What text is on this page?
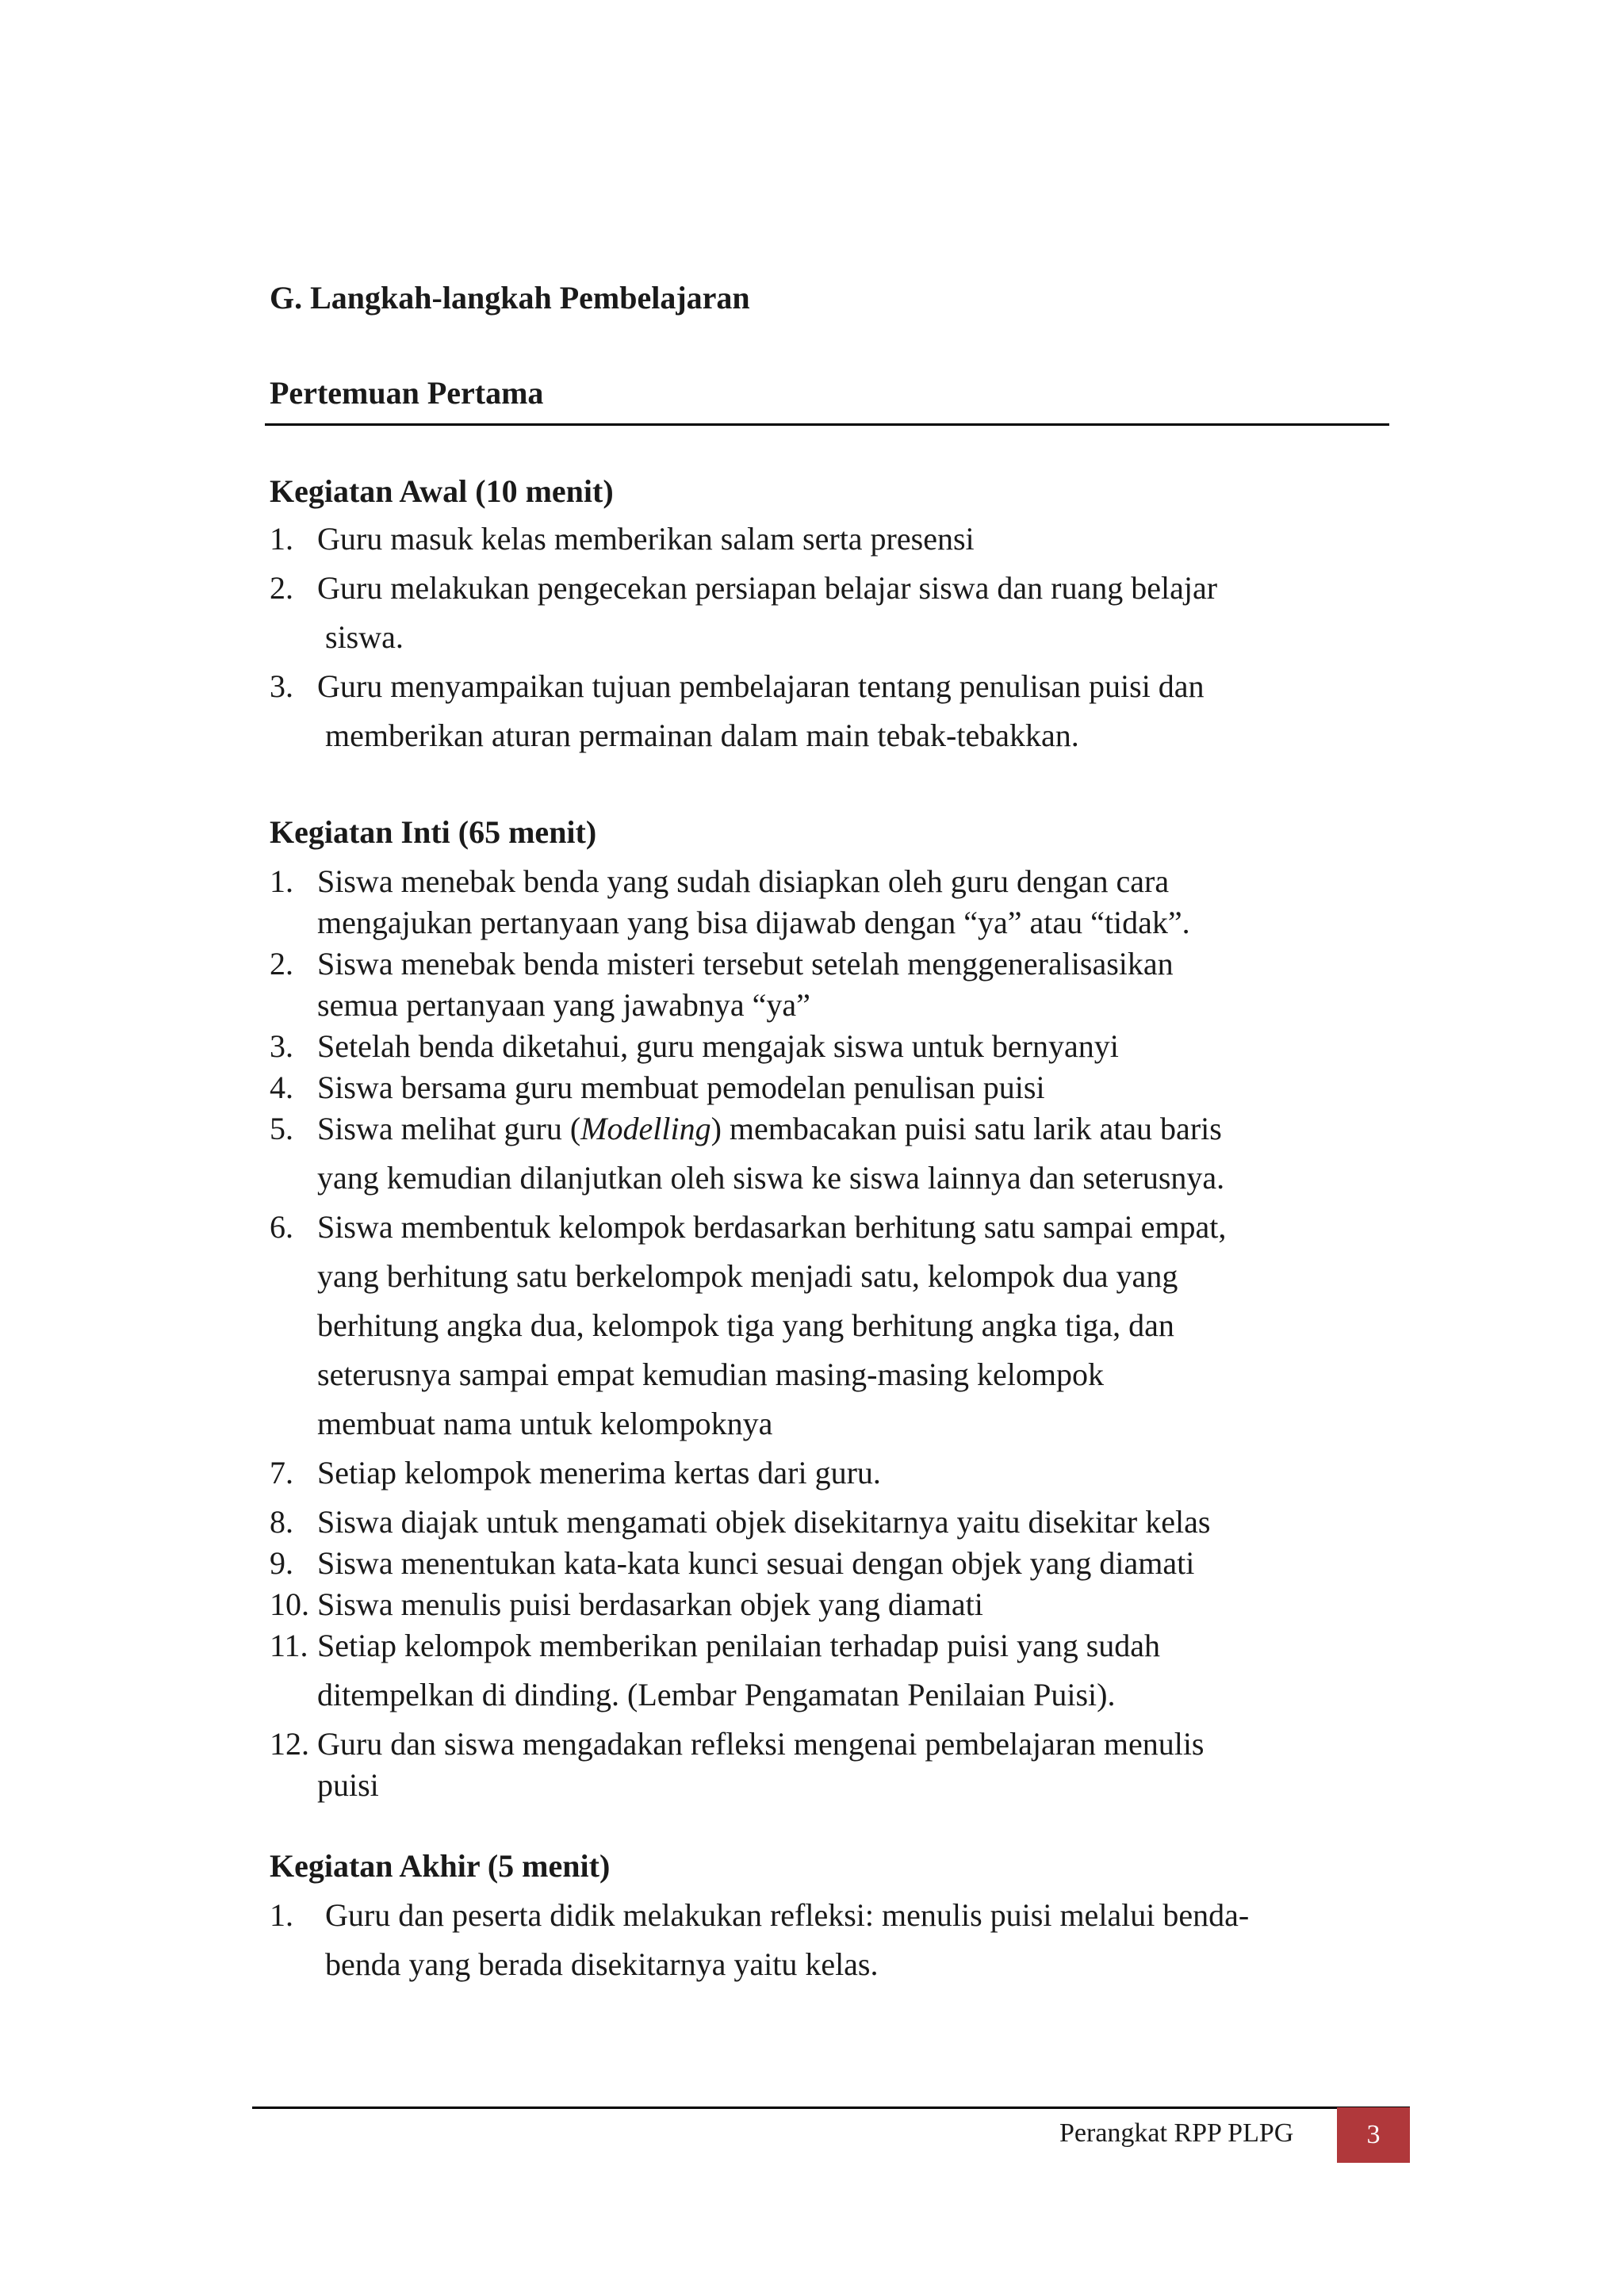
G. Langkah-langkah Pembelajaran
Pertemuan Pertama
Kegiatan Awal (10 menit)
1. Guru masuk kelas memberikan salam serta presensi
2. Guru melakukan pengecekan persiapan belajar siswa dan ruang belajar
siswa.
3. Guru menyampaikan tujuan pembelajaran tentang penulisan puisi dan
memberikan aturan permainan dalam main tebak-tebakkan.
Kegiatan Inti (65 menit)
1. Siswa menebak benda yang sudah disiapkan oleh guru dengan cara
mengajukan pertanyaan yang bisa dijawab dengan “ya” atau “tidak”.
2. Siswa menebak benda misteri tersebut setelah menggeneralisasikan
semua pertanyaan yang jawabnya “ya”
3. Setelah benda diketahui, guru mengajak siswa untuk bernyanyi
4. Siswa bersama guru membuat pemodelan penulisan puisi
5. Siswa melihat guru (Modelling) membacakan puisi satu larik atau baris
yang kemudian dilanjutkan oleh siswa ke siswa lainnya dan seterusnya.
6. Siswa membentuk kelompok berdasarkan berhitung satu sampai empat,
yang berhitung satu berkelompok menjadi satu, kelompok dua yang
berhitung angka dua, kelompok tiga yang berhitung angka tiga, dan
seterusnya sampai empat kemudian masing-masing kelompok
membuat nama untuk kelompoknya
7. Setiap kelompok menerima kertas dari guru.
8. Siswa diajak untuk mengamati objek disekitarnya yaitu disekitar kelas
9. Siswa menentukan kata-kata kunci sesuai dengan objek yang diamati
10. Siswa menulis puisi berdasarkan objek yang diamati
11. Setiap kelompok memberikan penilaian terhadap puisi yang sudah
ditempelkan di dinding. (Lembar Pengamatan Penilaian Puisi).
12. Guru dan siswa mengadakan refleksi mengenai pembelajaran menulis
puisi
Kegiatan Akhir (5 menit)
1. Guru dan peserta didik melakukan refleksi: menulis puisi melalui benda-
benda yang berada disekitarnya yaitu kelas.
Perangkat RPP PLPG	3
